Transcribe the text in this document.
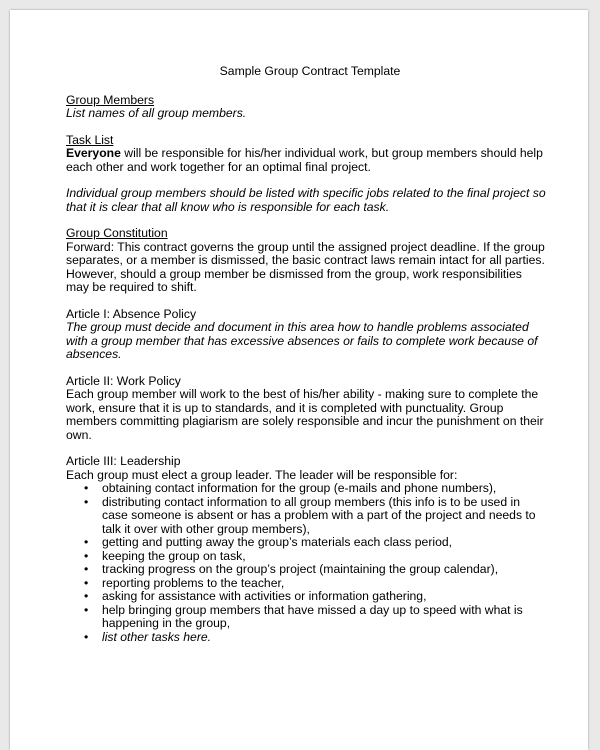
Sample Group Contract Template

Group Members

List names of all group members.

Task List

Everyone will be responsible for his/her individual work, but group members should help each other and work together for an optimal final project.

Individual group members should be listed with specific jobs related to the final project so that it is clear that all know who is responsible for each task.

Group Constitution

Forward: This contract governs the group until the assigned project deadline. If the group separates, or a member is dismissed, the basic contract laws remain intact for all parties. However, should a group member be dismissed from the group, work responsibilities may be required to shift.

Article I: Absence Policy

The group must decide and document in this area how to handle problems associated with a group member that has excessive absences or fails to complete work because of absences.

Article II: Work Policy

Each group member will work to the best of his/her ability - making sure to complete the work, ensure that it is up to standards, and it is completed with punctuality. Group members committing plagiarism are solely responsible and incur the punishment on their own.

Article III: Leadership

Each group must elect a group leader. The leader will be responsible for:

• obtaining contact information for the group (e-mails and phone numbers),
• distributing contact information to all group members (this info is to be used in case someone is absent or has a problem with a part of the project and needs to talk it over with other group members),
• getting and putting away the group’s materials each class period,
• keeping the group on task,
• tracking progress on the group’s project (maintaining the group calendar),
• reporting problems to the teacher,
• asking for assistance with activities or information gathering,
• help bringing group members that have missed a day up to speed with what is happening in the group,
• list other tasks here.
